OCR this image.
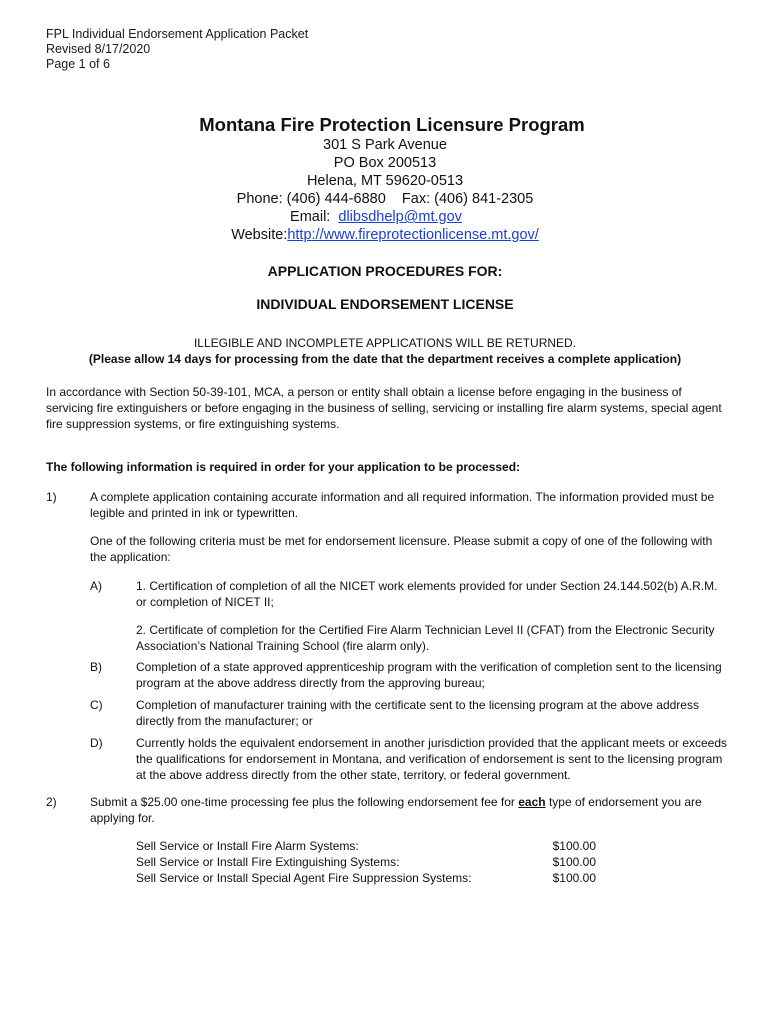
FPL Individual Endorsement Application Packet
Revised 8/17/2020
Page 1 of 6
Montana Fire Protection Licensure Program
301 S Park Avenue
PO Box 200513
Helena, MT 59620-0513
Phone: (406) 444-6880    Fax: (406) 841-2305
Email:  dlibsdhelp@mt.gov
Website:http://www.fireprotectionlicense.mt.gov/
APPLICATION PROCEDURES FOR:
INDIVIDUAL ENDORSEMENT LICENSE
ILLEGIBLE AND INCOMPLETE APPLICATIONS WILL BE RETURNED.
(Please allow 14 days for processing from the date that the department receives a complete application)
In accordance with Section 50-39-101, MCA, a person or entity shall obtain a license before engaging in the business of servicing fire extinguishers or before engaging in the business of selling, servicing or installing fire alarm systems, special agent fire suppression systems, or fire extinguishing systems.
The following information is required in order for your application to be processed:
1)	A complete application containing accurate information and all required information. The information provided must be legible and printed in ink or typewritten.
One of the following criteria must be met for endorsement licensure. Please submit a copy of one of the following with the application:
A)	1. Certification of completion of all the NICET work elements provided for under Section 24.144.502(b) A.R.M. or completion of NICET II;
2. Certificate of completion for the Certified Fire Alarm Technician Level II (CFAT) from the Electronic Security Association’s National Training School (fire alarm only).
B)	Completion of a state approved apprenticeship program with the verification of completion sent to the licensing program at the above address directly from the approving bureau;
C)	Completion of manufacturer training with the certificate sent to the licensing program at the above address directly from the manufacturer; or
D)	Currently holds the equivalent endorsement in another jurisdiction provided that the applicant meets or exceeds the qualifications for endorsement in Montana, and verification of endorsement is sent to the licensing program at the above address directly from the other state, territory, or federal government.
2)	Submit a $25.00 one-time processing fee plus the following endorsement fee for each type of endorsement you are applying for.
Sell Service or Install Fire Alarm Systems:	$100.00
Sell Service or Install Fire Extinguishing Systems:	$100.00
Sell Service or Install Special Agent Fire Suppression Systems:	$100.00
